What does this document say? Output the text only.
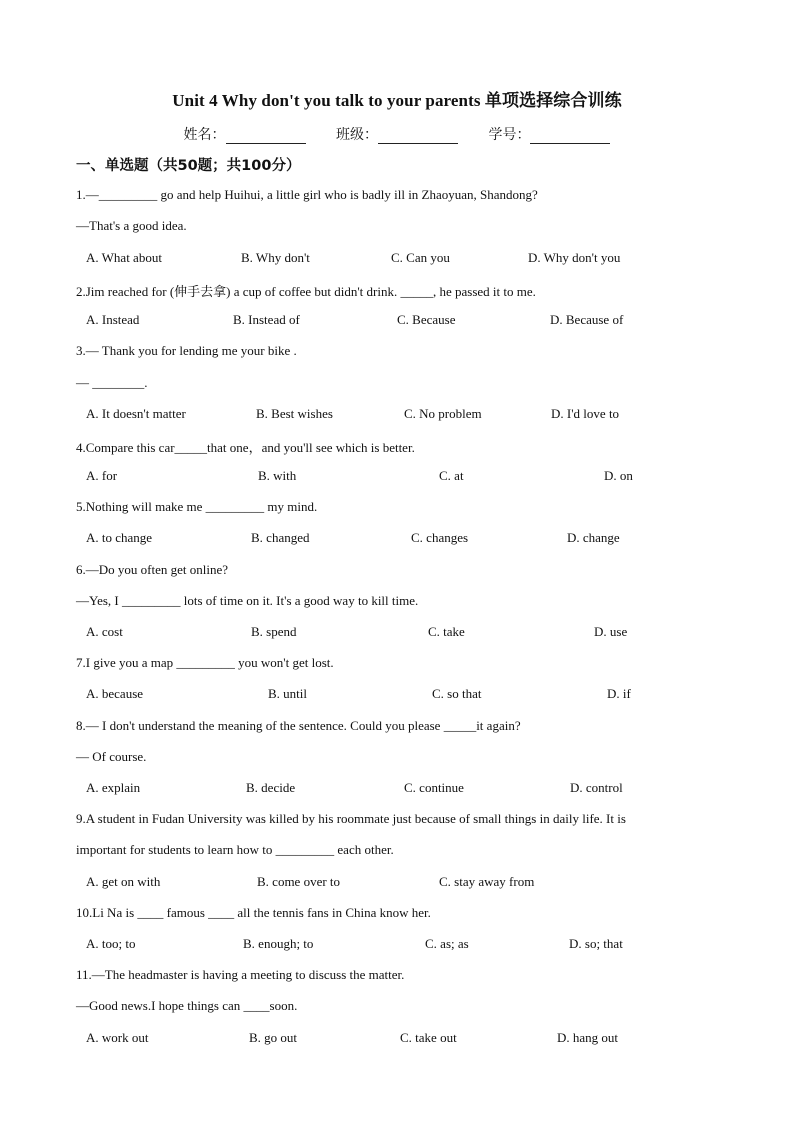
Unit 4 Why don't you talk to your parents 单项选择综合训练
姓名：	班级：	学号：
一、单选题（共50题；共100分）
1.—_________ go and help Huihui, a little girl who is badly ill in Zhaoyuan, Shandong?
—That's a good idea.
A. What about	B. Why don't	C. Can you	D. Why don't you
2.Jim reached for (伸手去拿) a cup of coffee but didn't drink. _____, he passed it to me.
A. Instead	B. Instead of	C. Because	D. Because of
3.— Thank you for lending me your bike .
— ________.
A. It doesn't matter	B. Best wishes	C. No problem	D. I'd love to
4.Compare this car_____that one，and you'll see which is better.
A. for	B. with	C. at	D. on
5.Nothing will make me _________ my mind.
A. to change	B. changed	C. changes	D. change
6.—Do you often get online?
—Yes, I _________ lots of time on it. It's a good way to kill time.
A. cost	B. spend	C. take	D. use
7.I give you a map _________ you won't get lost.
A. because	B. until	C. so that	D. if
8.— I don't understand the meaning of the sentence. Could you please _____it again?
— Of course.
A. explain	B. decide	C. continue	D. control
9.A student in Fudan University was killed by his roommate just because of small things in daily life. It is
important for students to learn how to _________ each other.
A. get on with	B. come over to	C. stay away from
10.Li Na is ____ famous ____ all the tennis fans in China know her.
A. too; to	B. enough; to	C. as; as	D. so; that
11.—The headmaster is having a meeting to discuss the matter.
—Good news.I hope things can ____soon.
A. work out	B. go out	C. take out	D. hang out
